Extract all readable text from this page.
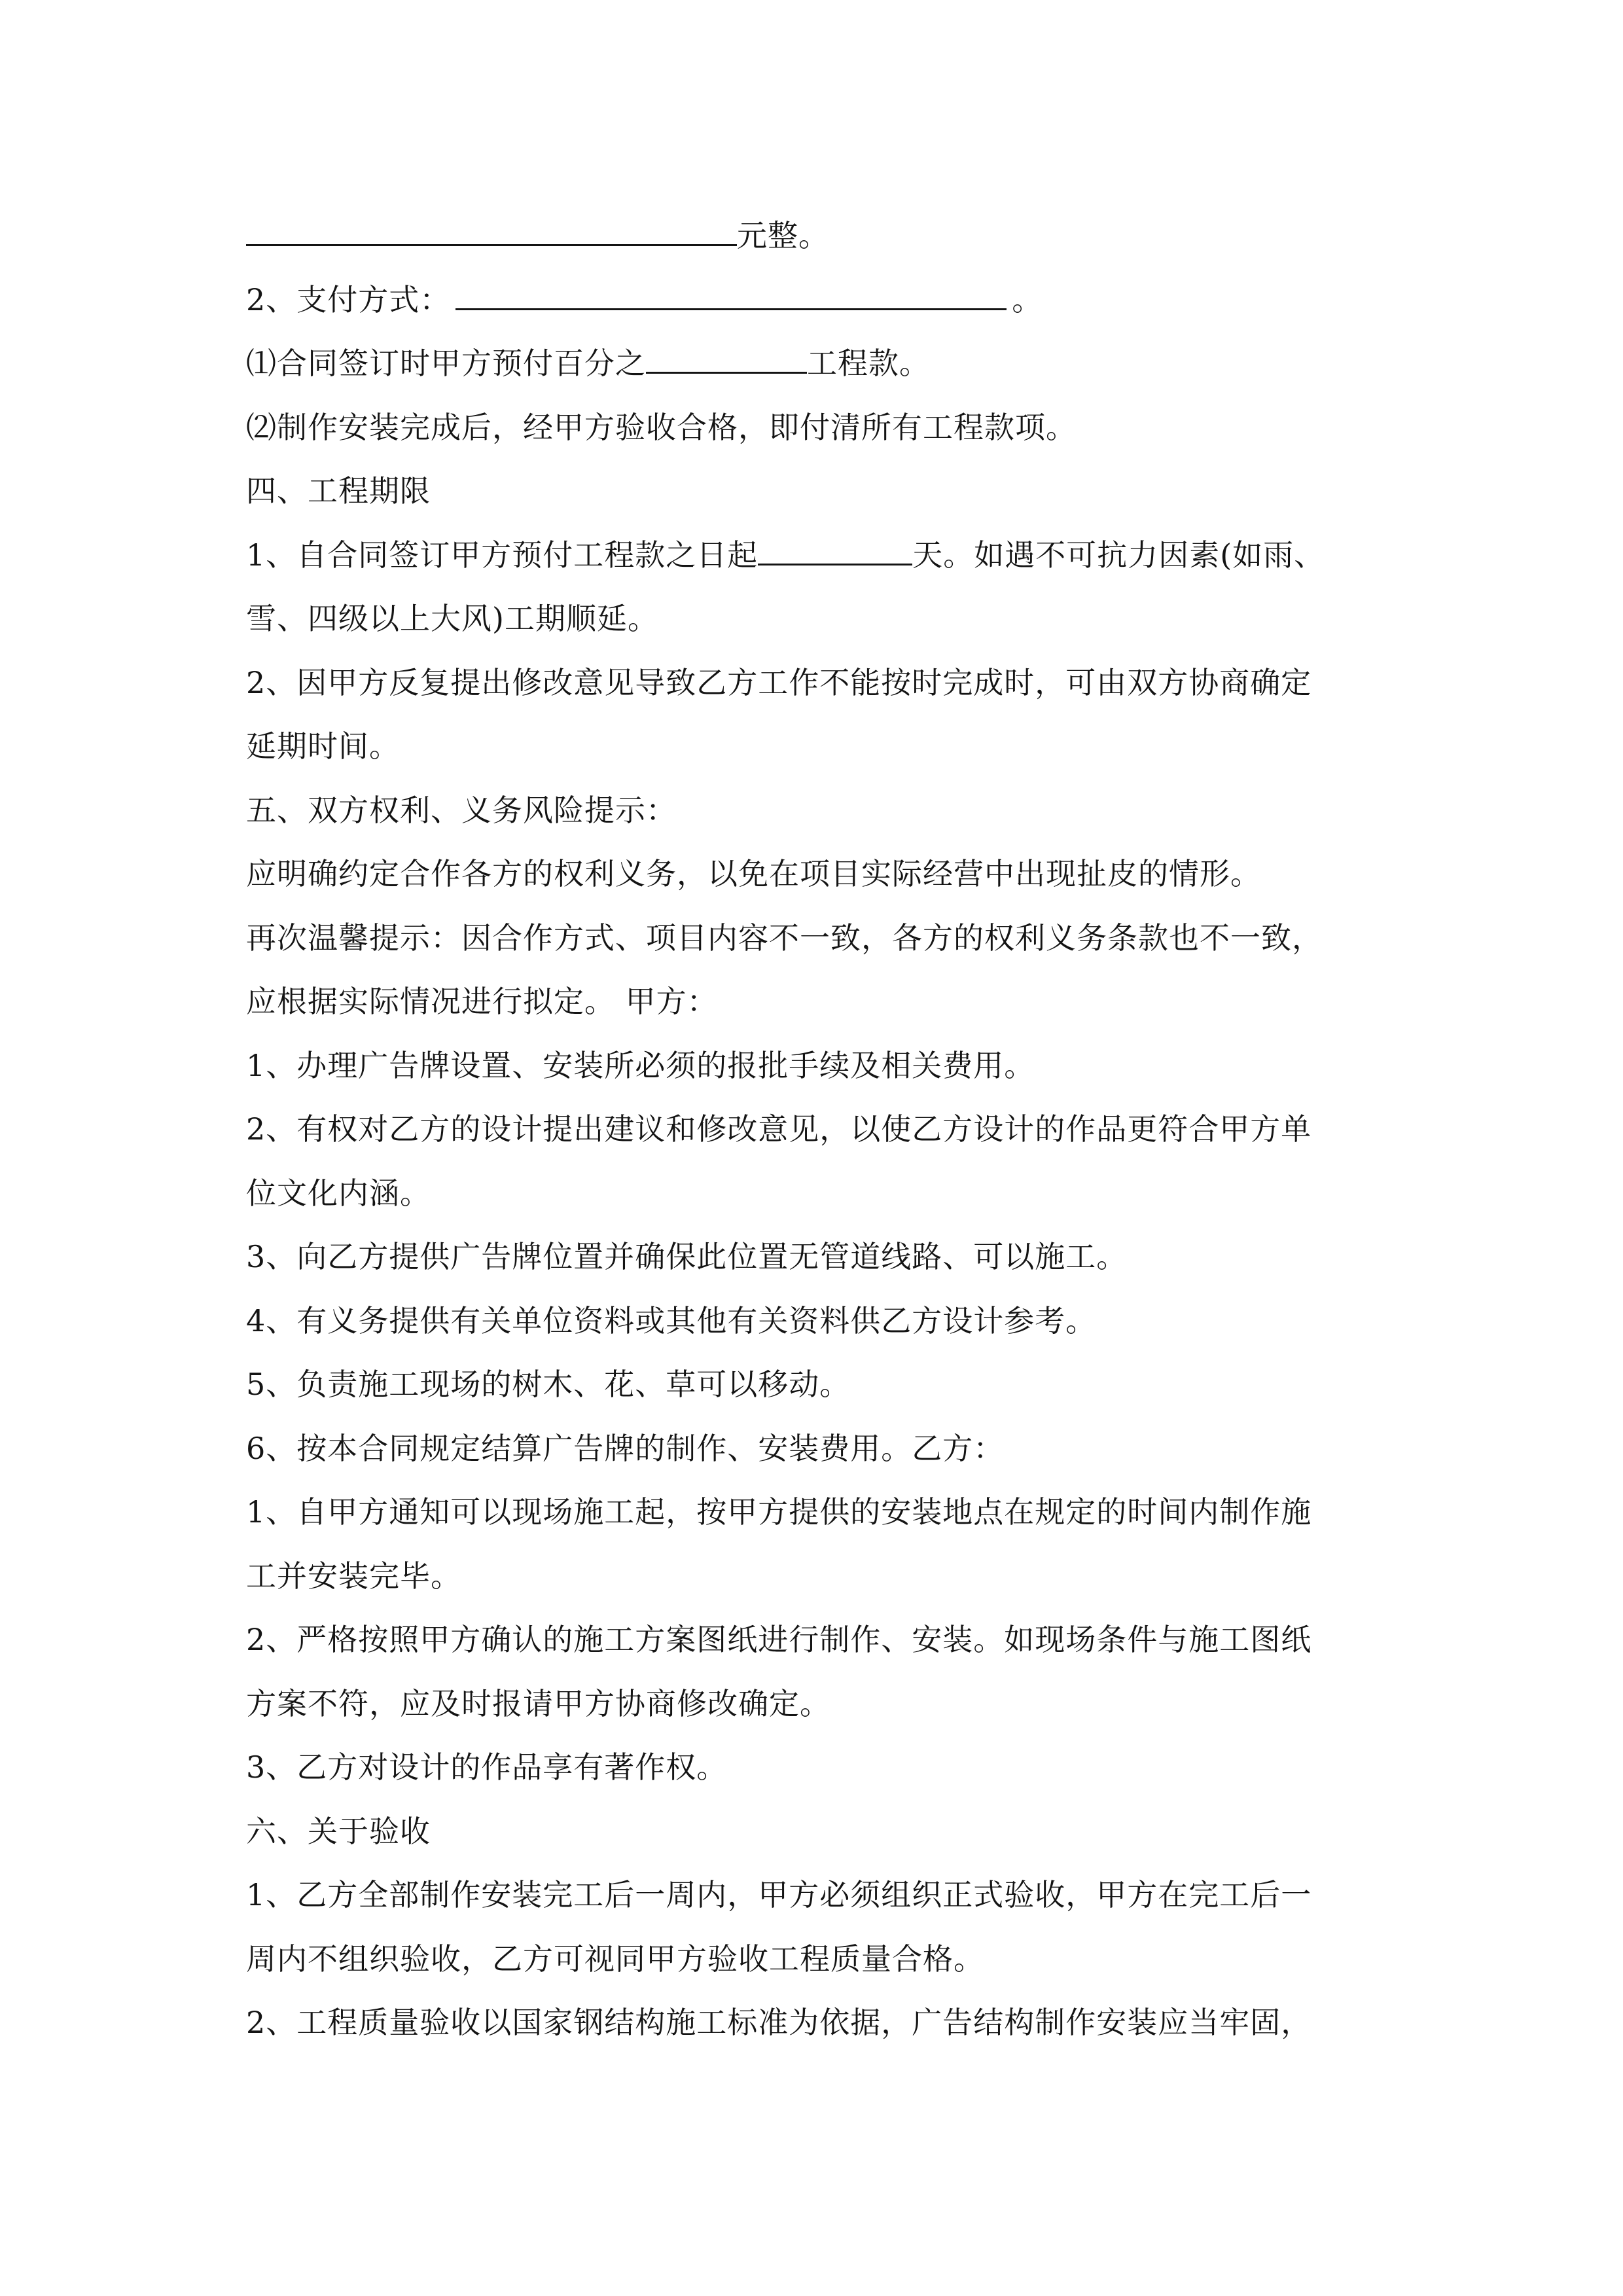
元整。
2、支付方式：	。
⑴合同签订时甲方预付百分之	工程款。
⑵制作安装完成后，经甲方验收合格，即付清所有工程款项。
四、工程期限
1、自合同签订甲方预付工程款之日起	天。如遇不可抗力因素(如雨、
雪、四级以上大风)工期顺延。
2、因甲方反复提出修改意见导致乙方工作不能按时完成时，可由双方协商确定
延期时间。
五、双方权利、义务风险提示：
应明确约定合作各方的权利义务，以免在项目实际经营中出现扯皮的情形。
再次温馨提示：因合作方式、项目内容不一致，各方的权利义务条款也不一致，
应根据实际情况进行拟定。 甲方：
1、办理广告牌设置、安装所必须的报批手续及相关费用。
2、有权对乙方的设计提出建议和修改意见，以使乙方设计的作品更符合甲方单
位文化内涵。
3、向乙方提供广告牌位置并确保此位置无管道线路、可以施工。
4、有义务提供有关单位资料或其他有关资料供乙方设计参考。
5、负责施工现场的树木、花、草可以移动。
6、按本合同规定结算广告牌的制作、安装费用。乙方：
1、自甲方通知可以现场施工起，按甲方提供的安装地点在规定的时间内制作施
工并安装完毕。
2、严格按照甲方确认的施工方案图纸进行制作、安装。如现场条件与施工图纸
方案不符，应及时报请甲方协商修改确定。
3、乙方对设计的作品享有著作权。
六、关于验收
1、乙方全部制作安装完工后一周内，甲方必须组织正式验收，甲方在完工后一
周内不组织验收，乙方可视同甲方验收工程质量合格。
2、工程质量验收以国家钢结构施工标准为依据，广告结构制作安装应当牢固，
